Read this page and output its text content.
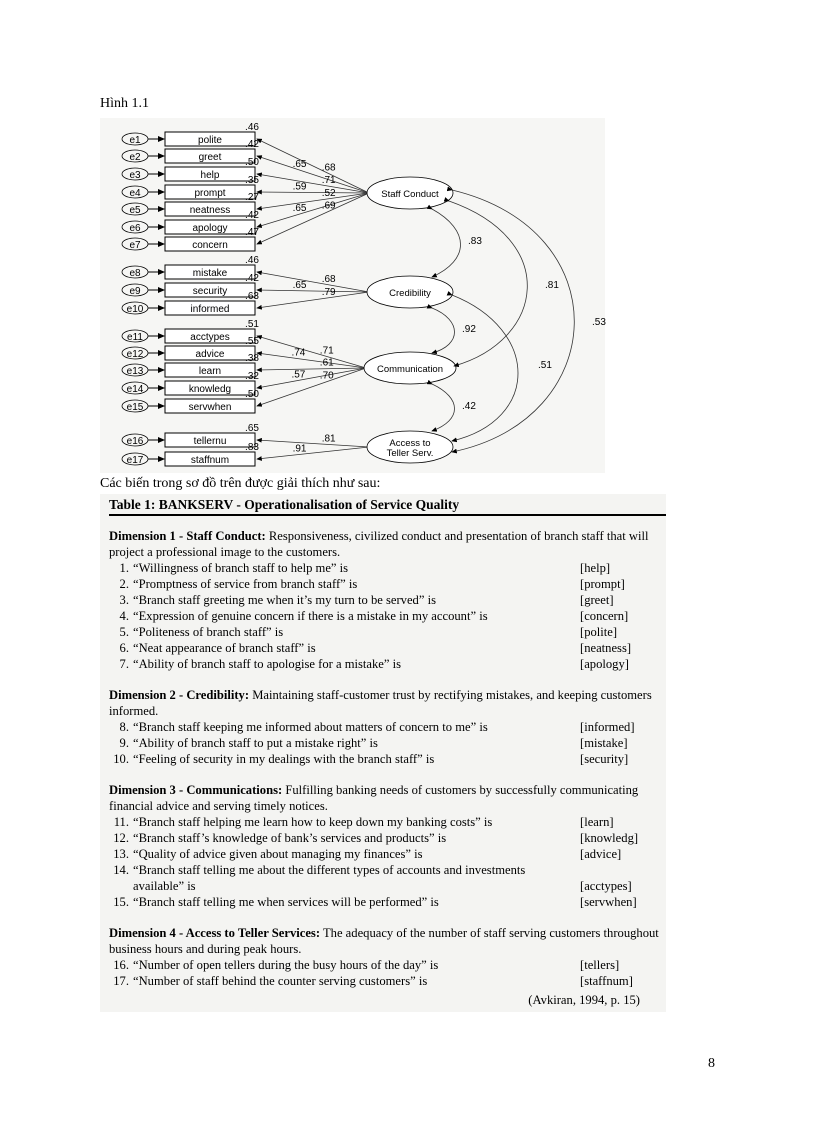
Hình 1.1
e1	polite
.46
.68
e2	greet
.42
.65
e3	help
.50
.71
e4	prompt
.35
.59
e5	neatness
.27	.52
e6	apology
.42
.65
e7	concern
.47
.69
e8	mistake
.46
.68
e9	security
.42
.65
e10	informed
.63	.79
e11	acctypes
.51
.71
e12	advice
.55
.74
e13	learn
.38	.61
e14	knowledg
.32	.57
e15	servwhen
.50
.70
e16	tellernu
.65
.81
e17	staffnum
.83	.91
Staff Conduct
Credibility
Communication
Access to
Teller Serv.
.83
.92
.42
.81
.51
.53
Các biến trong sơ đồ trên được giải thích như sau:
Table 1: BANKSERV - Operationalisation of Service Quality
Dimension 1 - Staff Conduct: Responsiveness, civilized conduct and presentation of branch staff that will project a professional image to the customers.
1. “Willingness of branch staff to help me” is	[help]
2. “Promptness of service from branch staff” is	[prompt]
3. “Branch staff greeting me when it’s my turn to be served” is	[greet]
4. “Expression of genuine concern if there is a mistake in my account” is	[concern]
5. “Politeness of branch staff” is	[polite]
6. “Neat appearance of branch staff” is	[neatness]
7. “Ability of branch staff to apologise for a mistake” is	[apology]
Dimension 2 - Credibility: Maintaining staff-customer trust by rectifying mistakes, and keeping customers informed.
8. “Branch staff keeping me informed about matters of concern to me” is	[informed]
9. “Ability of branch staff to put a mistake right” is	[mistake]
10. “Feeling of security in my dealings with the branch staff” is	[security]
Dimension 3 - Communications: Fulfilling banking needs of customers by successfully communicating financial advice and serving timely notices.
11. “Branch staff helping me learn how to keep down my banking costs” is	[learn]
12. “Branch staff’s knowledge of bank’s services and products” is	[knowledg]
13. “Quality of advice given about managing my finances” is	[advice]
14. “Branch staff telling me about the different types of accounts and investments available” is	[acctypes]
15. “Branch staff telling me when services will be performed” is	[servwhen]
Dimension 4 - Access to Teller Services: The adequacy of the number of staff serving customers throughout business hours and during peak hours.
16. “Number of open tellers during the busy hours of the day” is	[tellers]
17. “Number of staff behind the counter serving customers” is	[staffnum]
(Avkiran, 1994, p. 15)
8
